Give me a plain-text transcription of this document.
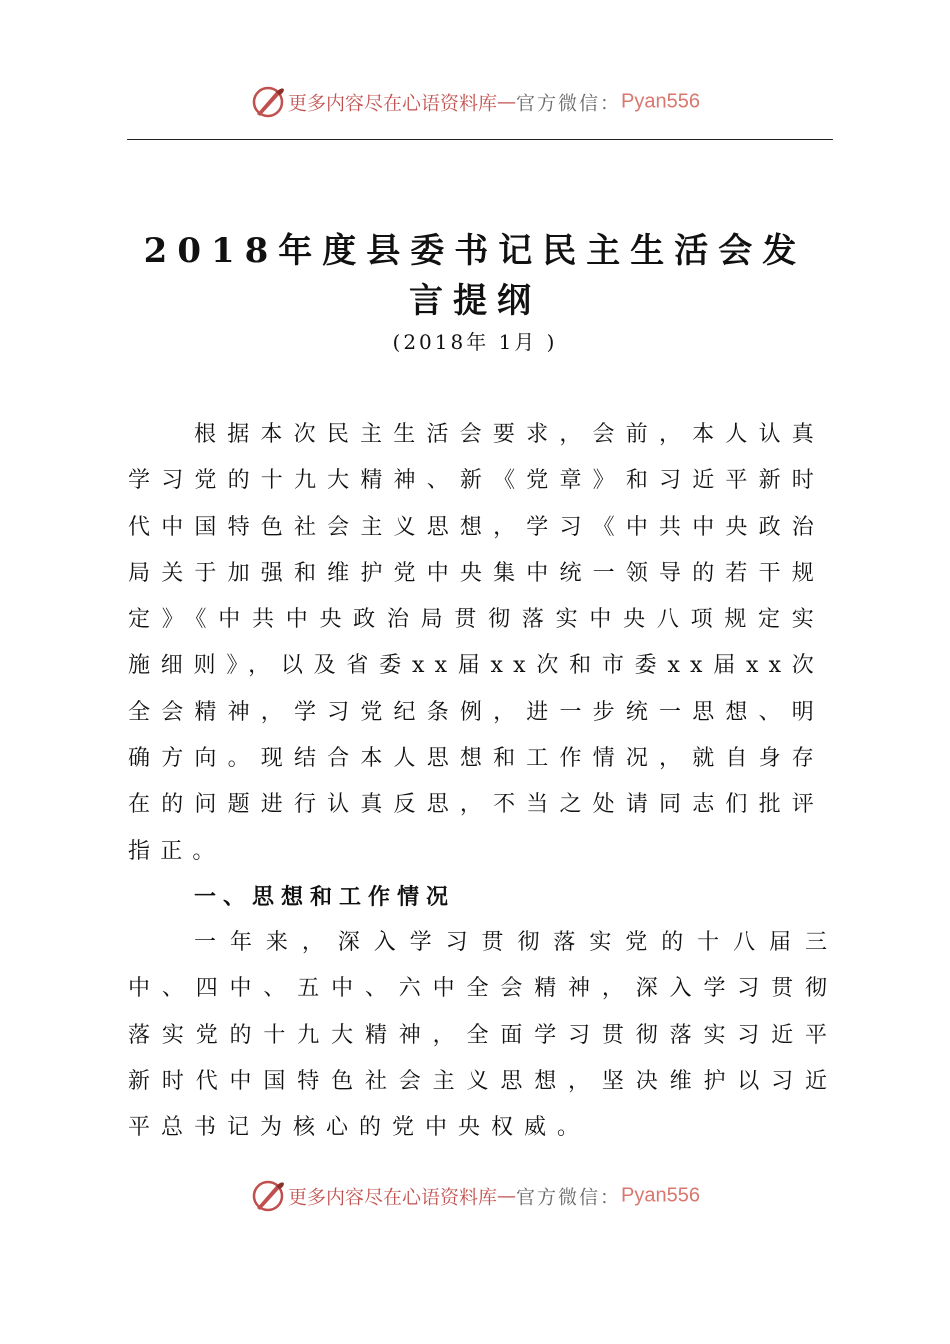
更多内容尽在心语资料库—官方微信：Pyan556
2018年度县委书记民主生活会发言提纲
(2018年 1月 )

根据本次民主生活会要求，会前，本人认真学习党的十九大精神、新《党章》和习近平新时代中国特色社会主义思想，学习《中共中央政治局关于加强和维护党中央集中统一领导的若干规定》《中共中央政治局贯彻落实中央八项规定实施细则》，以及省委xx届xx次和市委xx届xx次全会精神，学习党纪条例，进一步统一思想、明确方向。现结合本人思想和工作情况，就自身存在的问题进行认真反思，不当之处请同志们批评指正。

一、思想和工作情况

一年来，深入学习贯彻落实党的十八届三中、四中、五中、六中全会精神，深入学习贯彻落实党的十九大精神，全面学习贯彻落实习近平新时代中国特色社会主义思想，坚决维护以习近平总书记为核心的党中央权威。

更多内容尽在心语资料库—官方微信：Pyan556
